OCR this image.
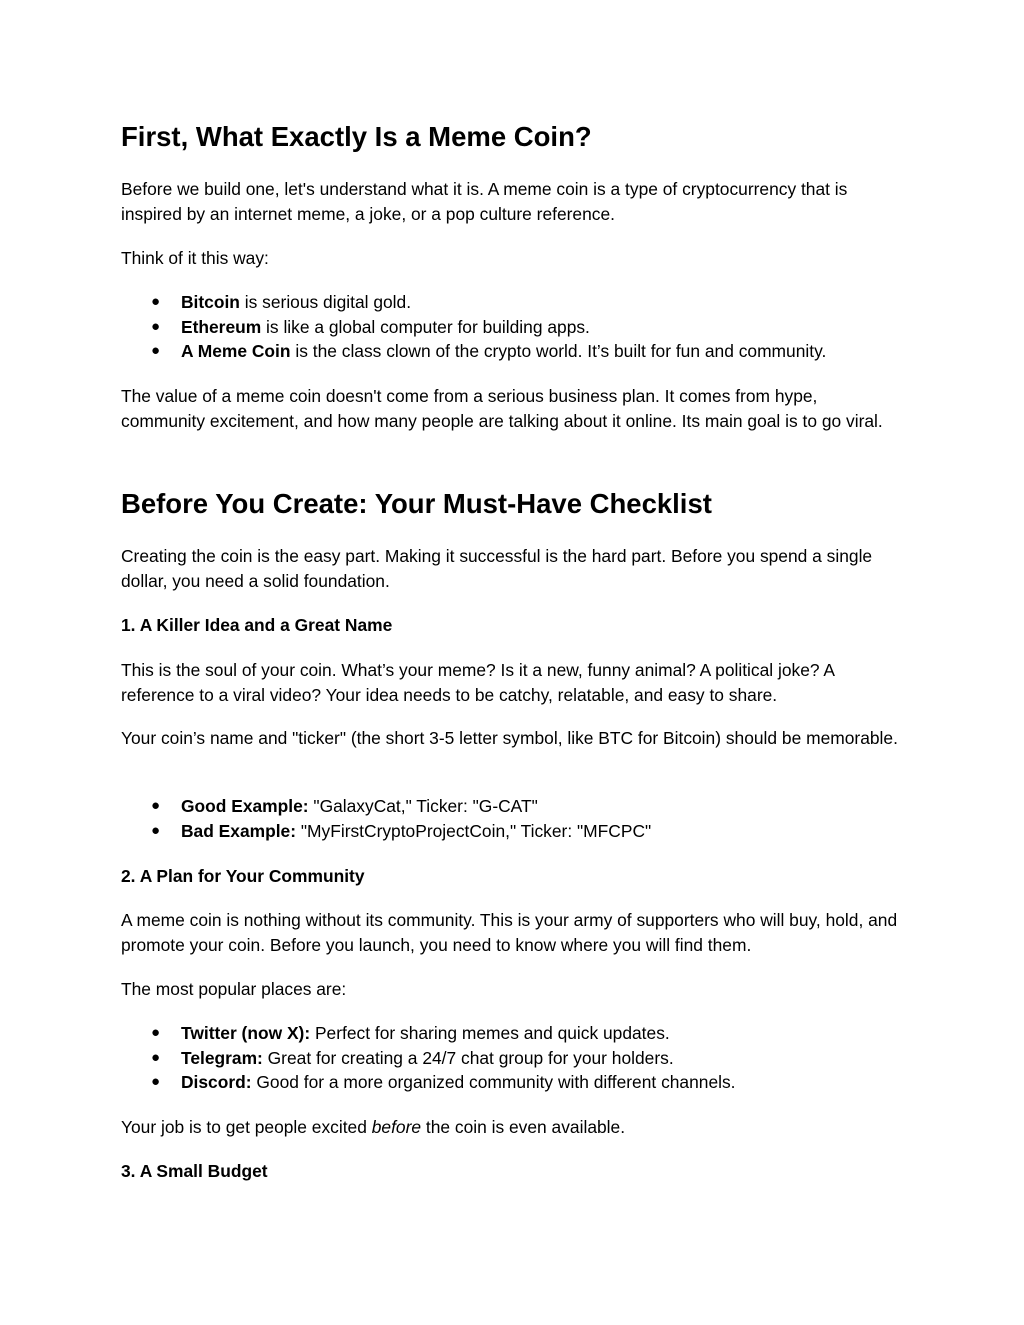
First, What Exactly Is a Meme Coin?

Before we build one, let's understand what it is. A meme coin is a type of cryptocurrency that is inspired by an internet meme, a joke, or a pop culture reference.

Think of it this way:

● Bitcoin is serious digital gold.
● Ethereum is like a global computer for building apps.
● A Meme Coin is the class clown of the crypto world. It’s built for fun and community.

The value of a meme coin doesn't come from a serious business plan. It comes from hype, community excitement, and how many people are talking about it online. Its main goal is to go viral.

Before You Create: Your Must-Have Checklist

Creating the coin is the easy part. Making it successful is the hard part. Before you spend a single dollar, you need a solid foundation.

1. A Killer Idea and a Great Name

This is the soul of your coin. What’s your meme? Is it a new, funny animal? A political joke? A reference to a viral video? Your idea needs to be catchy, relatable, and easy to share.

Your coin’s name and "ticker" (the short 3-5 letter symbol, like BTC for Bitcoin) should be memorable.

● Good Example: "GalaxyCat," Ticker: "G-CAT"
● Bad Example: "MyFirstCryptoProjectCoin," Ticker: "MFCPC"

2. A Plan for Your Community

A meme coin is nothing without its community. This is your army of supporters who will buy, hold, and promote your coin. Before you launch, you need to know where you will find them.

The most popular places are:

● Twitter (now X): Perfect for sharing memes and quick updates.
● Telegram: Great for creating a 24/7 chat group for your holders.
● Discord: Good for a more organized community with different channels.

Your job is to get people excited before the coin is even available.

3. A Small Budget
